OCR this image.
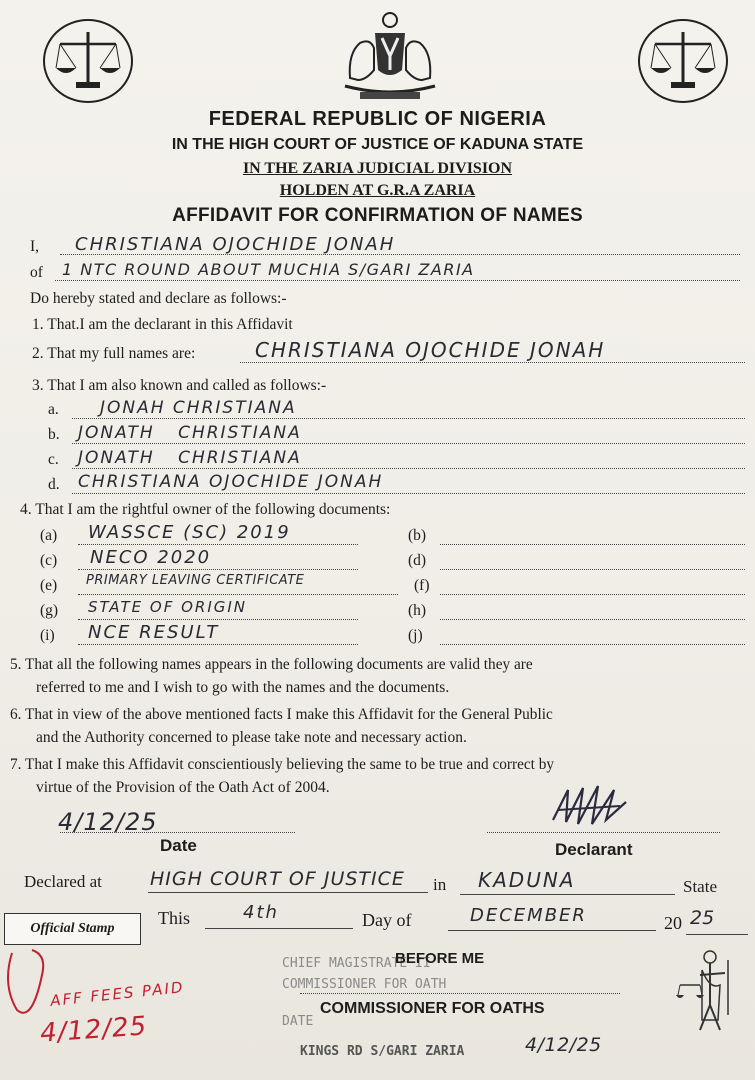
FEDERAL REPUBLIC OF NIGERIA
IN THE HIGH COURT OF JUSTICE OF KADUNA STATE
IN THE ZARIA JUDICIAL DIVISION
HOLDEN AT G.R.A ZARIA
AFFIDAVIT FOR CONFIRMATION OF NAMES
I, CHRISTIANA OJOCHIDE JONAH
of 1 NTC ROUND ABOUT MUCHIA S/GARI ZARIA
Do hereby stated and declare as follows:-
1. That.I am the declarant in this Affidavit
2. That my full names are:	CHRISTIANA OJOCHIDE JONAH
3. That I am also known and called as follows:-
a. JONAH CHRISTIANA
b. JONATH CHRISTIANA
c. JONATH CHRISTIANA
d. CHRISTIANA OJOCHIDE JONAH
4. That I am the rightful owner of the following documents:
(a) WASSCE (SC) 2019	(b)
(c) NECO 2020	(d)
(e) PRIMARY LEAVING CERTIFICATE	(f)
(g) STATE OF ORIGIN	(h)
(i) NCE RESULT	(j)
5. That all the following names appears in the following documents are valid they are
referred to me and I wish to go with the names and the documents.
6. That in view of the above mentioned facts I make this Affidavit for the General Public
and the Authority concerned to please take note and necessary action.
7. That I make this Affidavit conscientiously believing the same to be true and correct by
virtue of the Provision of the Oath Act of 2004.
4/12/25
Date	Declarant
Declared at	HIGH COURT OF JUSTICE in KADUNA	State
Official Stamp
This	4th	Day of	DECEMBER	20 25
AFF FEES PAID
4/12/25
CHIEF MAGISTRATE II
BEFORE ME
COMMISSIONER FOR OATH
DATE
COMMISSIONER FOR OATHS
KINGS RD S/GARI ZARIA	4/12/25
